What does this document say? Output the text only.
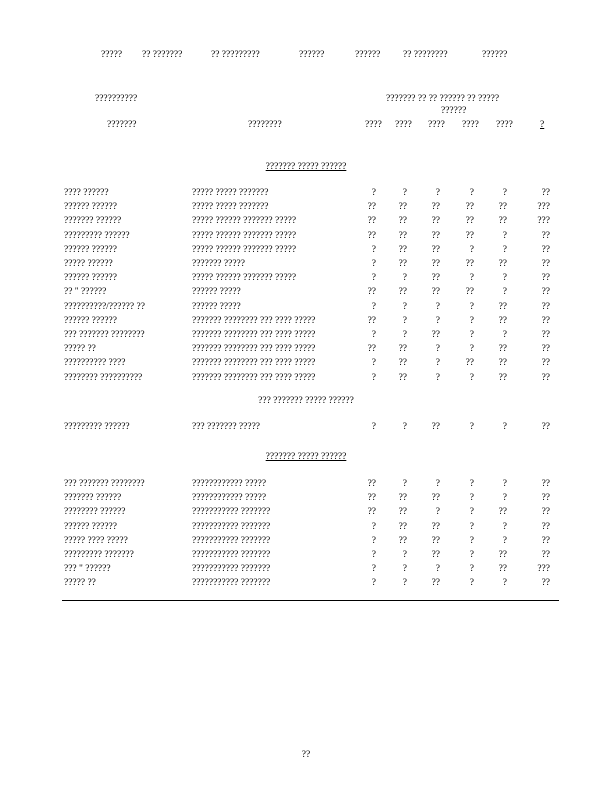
????? ?? ???????	?? ?????????	??????	?????? ?? ????????	??????
??????????	??????? ?? ?? ?????? ?? ?????
??????
???????	????????	???? ???? ???? ???? ????	?
??????? ????? ??????
???? ??????	????? ????? ???????	?	?	?	?	?	??
?????? ??????	????? ????? ???????	??	??	??	??	??	???
??????? ??????	????? ?????? ??????? ?????	??	??	??	??	??	???
????????? ??????	????? ?????? ??????? ?????	??	??	??	??	?	??
?????? ??????	????? ?????? ??????? ?????	?	??	??	?	?	??
????? ??????	??????? ?????	?	??	??	??	??	??
?????? ??????	????? ?????? ??????? ?????	?	?	??	?	?	??
?? " ??????	?????? ?????	??	??	??	??	?	??
??????????/?????? ??	?????? ?????	?	?	?	?	??	??
?????? ??????	??????? ???????? ??? ???? ?????	??	?	?	?	??	??
??? ??????? ????????	??????? ???????? ??? ???? ?????	?	?	??	?	?	??
????? ??	??????? ???????? ??? ???? ?????	??	??	?	?	??	??
?????????? ????	??????? ???????? ??? ???? ?????	?	??	?	??	??	??
???????? ??????????	??????? ???????? ??? ???? ?????	?	??	?	?	??	??
??? ??????? ????? ??????
????????? ??????	??? ??????? ?????	?	?	??	?	?	??
??????? ????? ??????
??? ??????? ????????	???????????? ?????	??	?	?	?	?	??
??????? ??????	???????????? ?????	??	??	??	?	?	??
???????? ??????	??????????? ???????	??	??	?	?	??	??
?????? ??????	??????????? ???????	?	??	??	?	?	??
????? ???? ?????	??????????? ???????	?	??	??	?	?	??
????????? ???????	??????????? ???????	?	?	??	?	??	??
??? " ??????	??????????? ???????	?	?	?	?	??	???
????? ??	??????????? ???????	?	?	??	?	?	??
??
